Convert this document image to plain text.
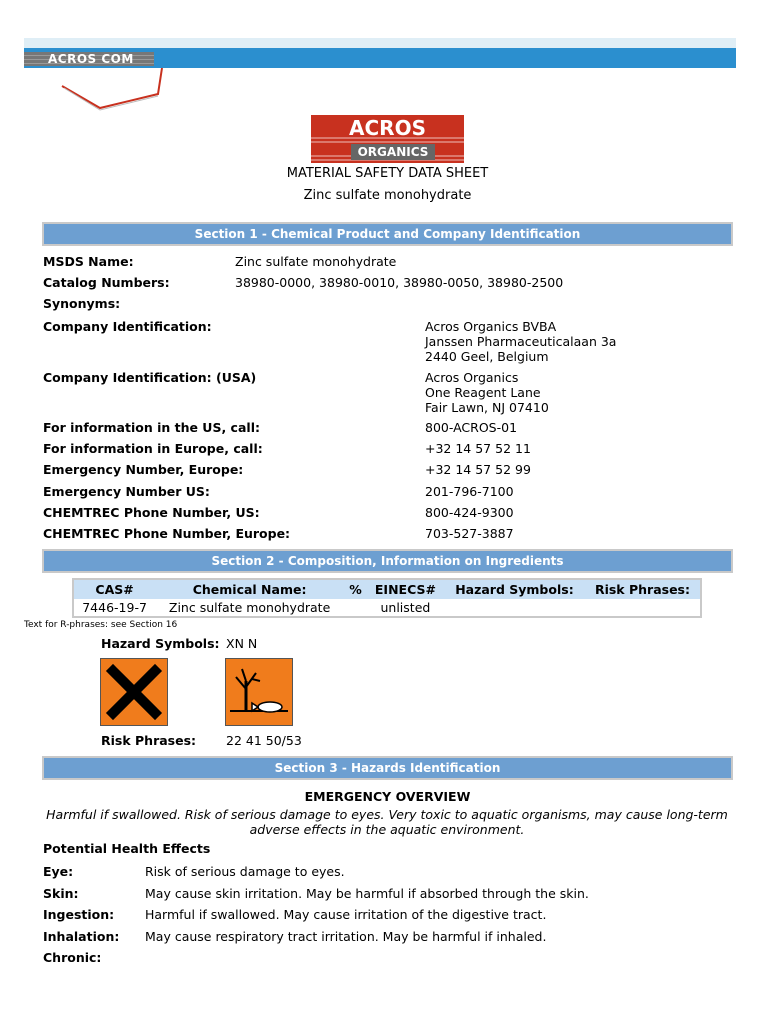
ACROS COM
ACROS
ORGANICS
MATERIAL SAFETY DATA SHEET
Zinc sulfate monohydrate
Section 1 - Chemical Product and Company Identification
MSDS Name:	Zinc sulfate monohydrate
Catalog Numbers:	38980-0000, 38980-0010, 38980-0050, 38980-2500
Synonyms:
Company Identification:	Acros Organics BVBA
Janssen Pharmaceuticalaan 3a
2440 Geel, Belgium
Company Identification: (USA)	Acros Organics
One Reagent Lane
Fair Lawn, NJ 07410
For information in the US, call:	800-ACROS-01
For information in Europe, call:	+32 14 57 52 11
Emergency Number, Europe:	+32 14 57 52 99
Emergency Number US:	201-796-7100
CHEMTREC Phone Number, US:	800-424-9300
CHEMTREC Phone Number, Europe:	703-527-3887
Section 2 - Composition, Information on Ingredients
CAS#	Chemical Name:	%	EINECS#	Hazard Symbols:	Risk Phrases:
7446-19-7	Zinc sulfate monohydrate		unlisted		
Text for R-phrases: see Section 16
Hazard Symbols: XN N
Risk Phrases: 22 41 50/53
Section 3 - Hazards Identification
EMERGENCY OVERVIEW
Harmful if swallowed. Risk of serious damage to eyes. Very toxic to aquatic organisms, may cause long-term adverse effects in the aquatic environment.
Potential Health Effects
Eye:	Risk of serious damage to eyes.
Skin:	May cause skin irritation. May be harmful if absorbed through the skin.
Ingestion: Harmful if swallowed. May cause irritation of the digestive tract.
Inhalation: May cause respiratory tract irritation. May be harmful if inhaled.
Chronic:
